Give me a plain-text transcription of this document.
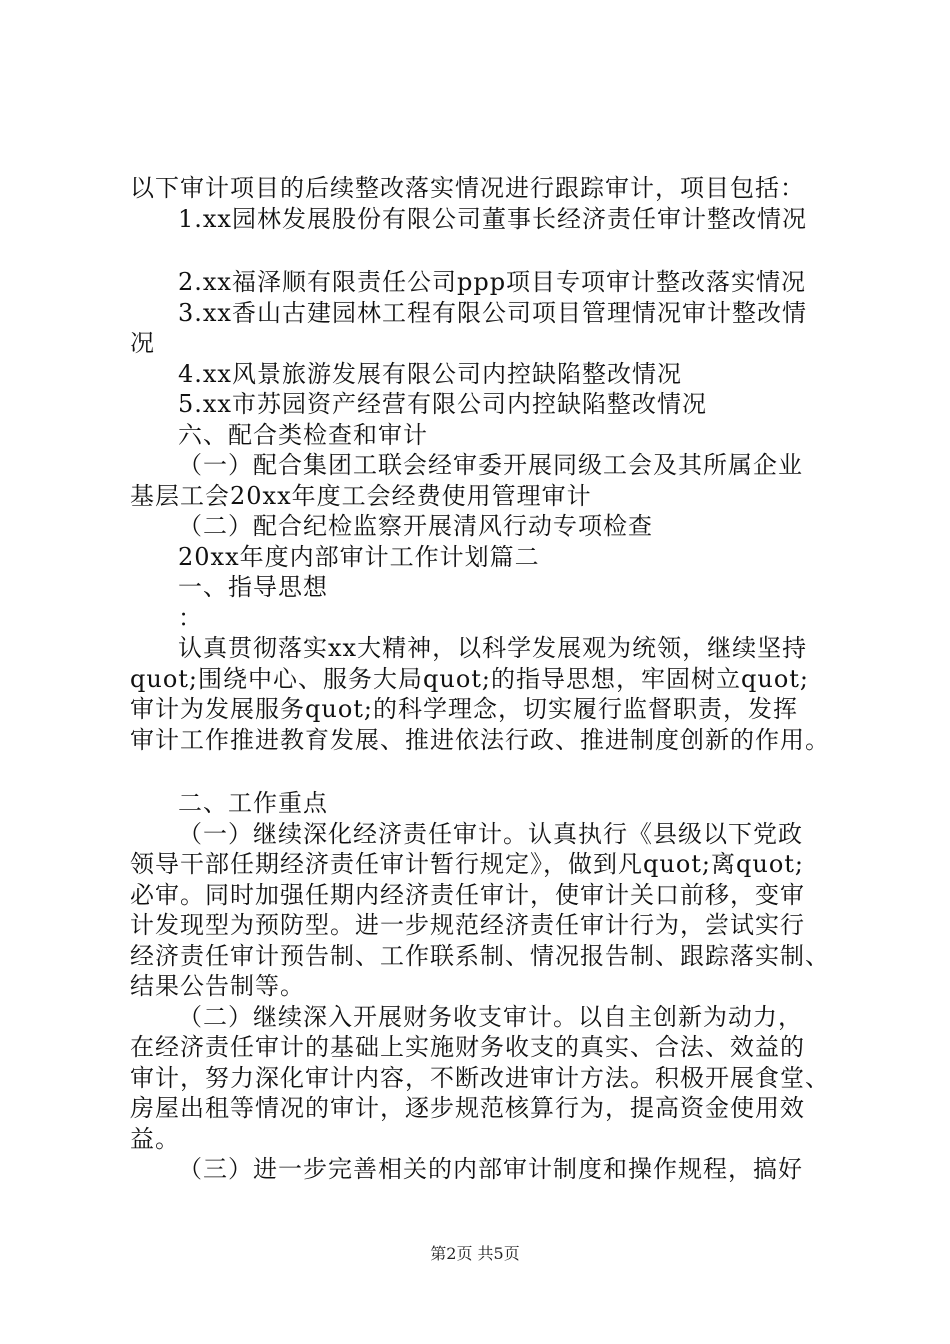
以下审计项目的后续整改落实情况进行跟踪审计，项目包括：
1.xx园林发展股份有限公司董事长经济责任审计整改情况
2.xx福泽顺有限责任公司ppp项目专项审计整改落实情况
3.xx香山古建园林工程有限公司项目管理情况审计整改情
况
4.xx风景旅游发展有限公司内控缺陷整改情况
5.xx市苏园资产经营有限公司内控缺陷整改情况
六、配合类检查和审计
（一）配合集团工联会经审委开展同级工会及其所属企业
基层工会20xx年度工会经费使用管理审计
（二）配合纪检监察开展清风行动专项检查
20xx年度内部审计工作计划篇二
一、指导思想
：
认真贯彻落实xx大精神，以科学发展观为统领，继续坚持
quot;围绕中心、服务大局quot;的指导思想，牢固树立quot;
审计为发展服务quot;的科学理念，切实履行监督职责，发挥
审计工作推进教育发展、推进依法行政、推进制度创新的作用。
二、工作重点
（一）继续深化经济责任审计。认真执行《县级以下党政
领导干部任期经济责任审计暂行规定》，做到凡quot;离quot;
必审。同时加强任期内经济责任审计，使审计关口前移，变审
计发现型为预防型。进一步规范经济责任审计行为，尝试实行
经济责任审计预告制、工作联系制、情况报告制、跟踪落实制、
结果公告制等。
（二）继续深入开展财务收支审计。以自主创新为动力，
在经济责任审计的基础上实施财务收支的真实、合法、效益的
审计，努力深化审计内容，不断改进审计方法。积极开展食堂、
房屋出租等情况的审计，逐步规范核算行为，提高资金使用效
益。
（三）进一步完善相关的内部审计制度和操作规程，搞好
第2页 共5页
